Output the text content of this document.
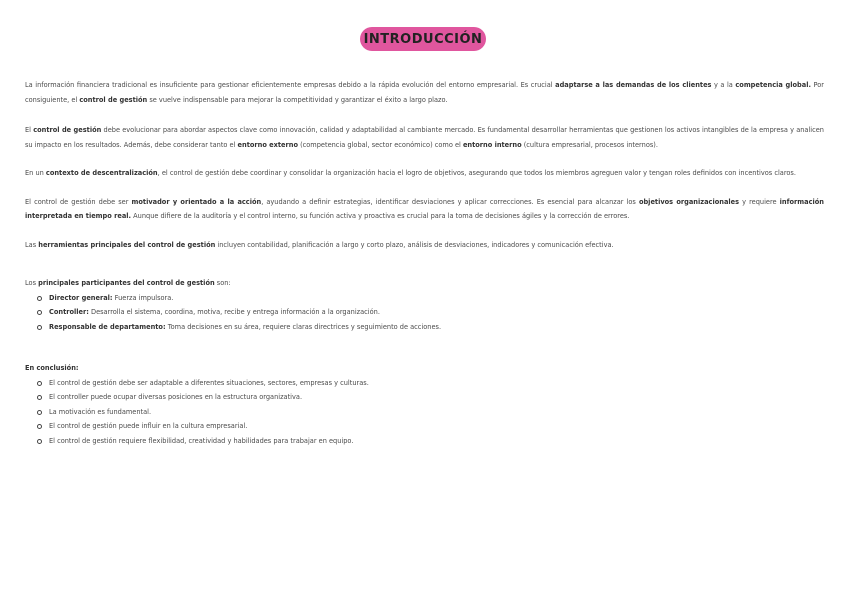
INTRODUCCIÓN

La información financiera tradicional es insuficiente para gestionar eficientemente empresas debido a la rápida evolución del entorno empresarial. Es crucial adaptarse a las demandas de los clientes y a la competencia global. Por consiguiente, el control de gestión se vuelve indispensable para mejorar la competitividad y garantizar el éxito a largo plazo.

El control de gestión debe evolucionar para abordar aspectos clave como innovación, calidad y adaptabilidad al cambiante mercado. Es fundamental desarrollar herramientas que gestionen los activos intangibles de la empresa y analicen su impacto en los resultados. Además, debe considerar tanto el entorno externo (competencia global, sector económico) como el entorno interno (cultura empresarial, procesos internos).

En un contexto de descentralización, el control de gestión debe coordinar y consolidar la organización hacia el logro de objetivos, asegurando que todos los miembros agreguen valor y tengan roles definidos con incentivos claros.

El control de gestión debe ser motivador y orientado a la acción, ayudando a definir estrategias, identificar desviaciones y aplicar correcciones. Es esencial para alcanzar los objetivos organizacionales y requiere información interpretada en tiempo real. Aunque difiere de la auditoría y el control interno, su función activa y proactiva es crucial para la toma de decisiones ágiles y la corrección de errores.

Las herramientas principales del control de gestión incluyen contabilidad, planificación a largo y corto plazo, análisis de desviaciones, indicadores y comunicación efectiva.

Los principales participantes del control de gestión son:

Director general: Fuerza impulsora.
Controller: Desarrolla el sistema, coordina, motiva, recibe y entrega información a la organización.
Responsable de departamento: Toma decisiones en su área, requiere claras directrices y seguimiento de acciones.

En conclusión:

El control de gestión debe ser adaptable a diferentes situaciones, sectores, empresas y culturas.
El controller puede ocupar diversas posiciones en la estructura organizativa.
La motivación es fundamental.
El control de gestión puede influir en la cultura empresarial.
El control de gestión requiere flexibilidad, creatividad y habilidades para trabajar en equipo.
